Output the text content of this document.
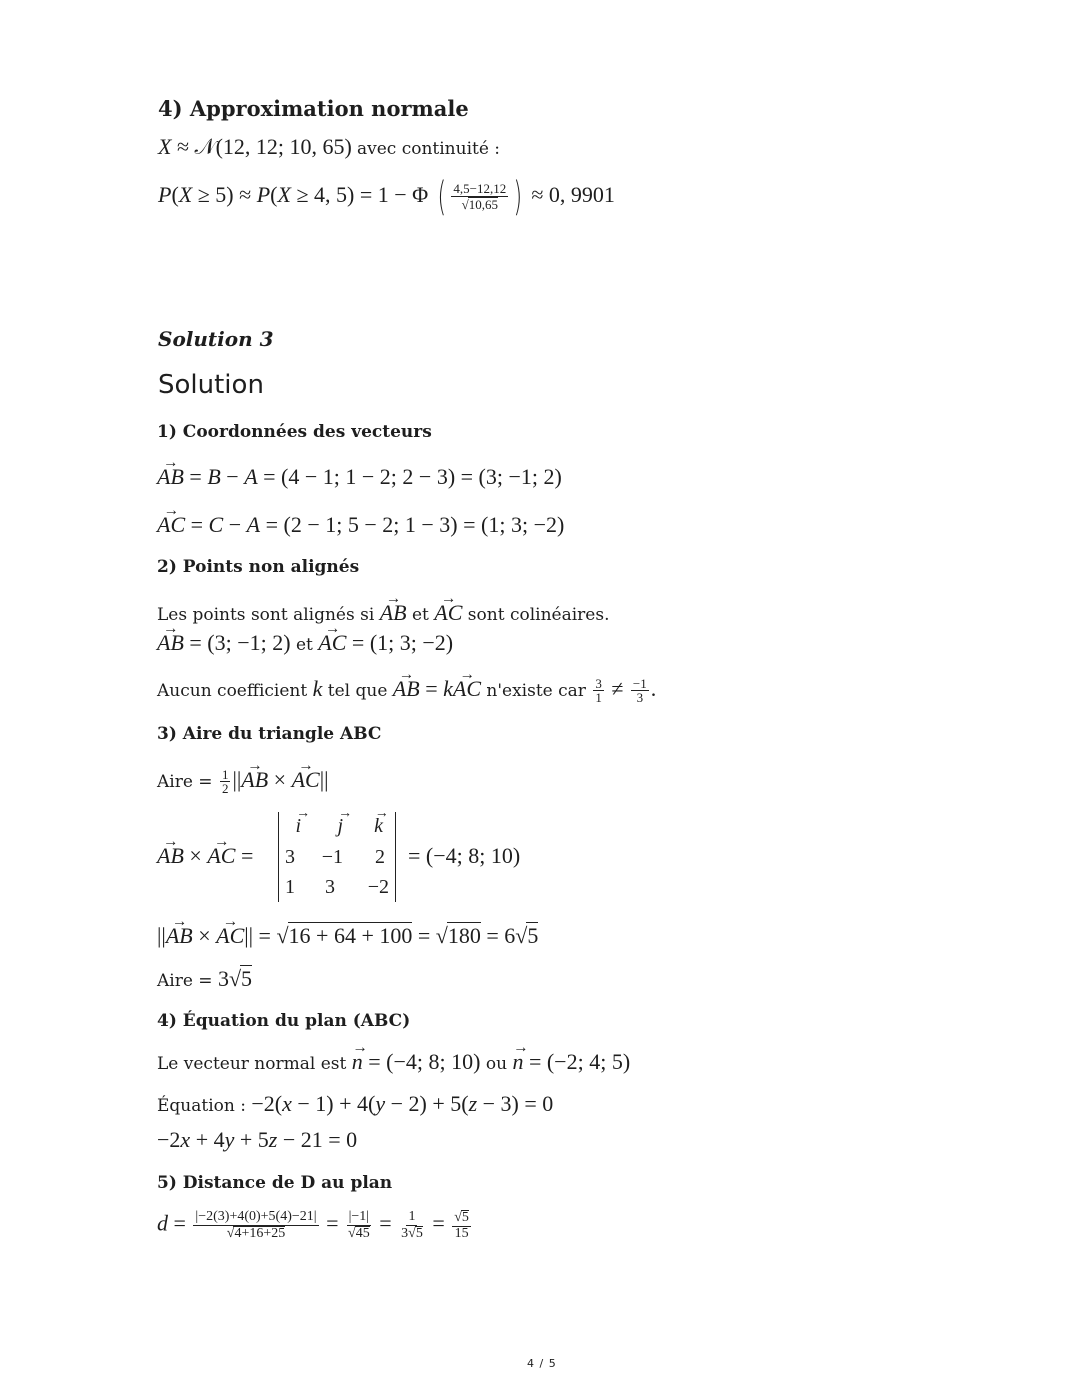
4) Approximation normale
X ≈ 𝒩(12, 12; 10, 65) avec continuité :
P(X ≥ 5) ≈ P(X ≥ 4, 5) = 1 − Φ ( $\frac{4,5-12,12}{√10,65}$ ) ≈ 0, 9901
Solution 3
Solution
1) Coordonnées des vecteurs
→ AB = B − A = (4 − 1; 1 − 2; 2 − 3) = (3; −1; 2)
→ AC = C − A = (2 − 1; 5 − 2; 1 − 3) = (1; 3; −2)
2) Points non alignés
Les points sont alignés si → AB et → AC sont colinéaires.
→ AB = (3; −1; 2) et → AC = (1; 3; −2)
Aucun coefficient k tel que → AB = k→ AC n'existe car $\frac{3}{1} \ne \frac{-1}{3}$ .
3) Aire du triangle ABC
Aire = $\frac{1}{2}$ ||→ AB × → AC||
→ AB × → AC =
→ i	→ j	→ k
3	−1	2
1	3	−2
= (−4; 8; 10)
||→ AB × → AC|| = √16 + 64 + 100 = √180 = 6√5
Aire = 3√5
4) Équation du plan (ABC)
Le vecteur normal est → n = (−4; 8; 10) ou → n = (−2; 4; 5)
Équation : −2(x − 1) + 4(y − 2) + 5(z − 3) = 0
−2x + 4y + 5z − 21 = 0
5) Distance de D au plan
$d = \frac{|-2(3)+4(0)+5(4)-21|}{√4+16+25} = \frac{|-1|}{√45} = \frac{1}{3√5} = \frac{√5}{15}$
4 / 5
